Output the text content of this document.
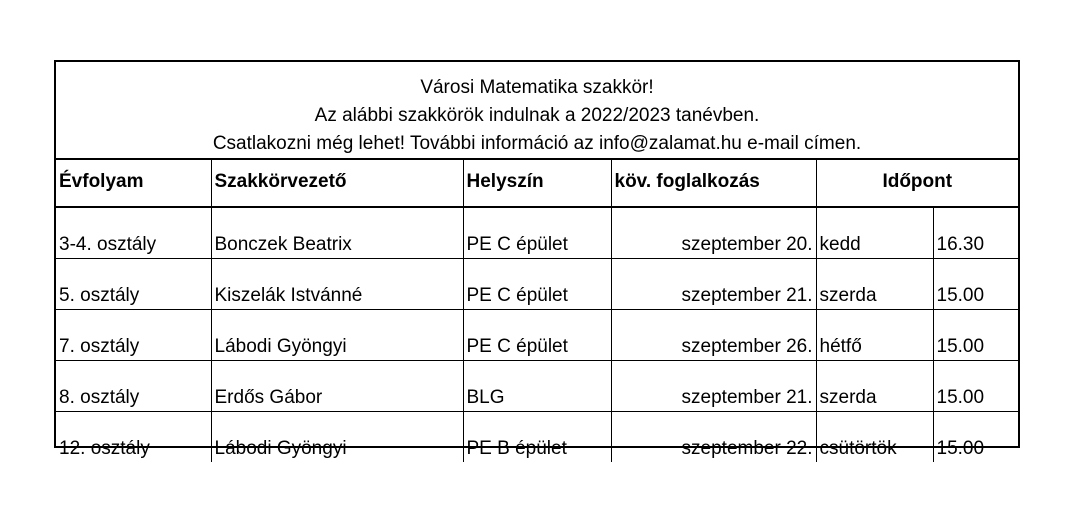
Városi Matematika szakkör!
Az alábbi szakkörök indulnak a 2022/2023 tanévben.
Csatlakozni még lehet! További információ az info@zalamat.hu e-mail címen.
Évfolyam	Szakkörvezető	Helyszín	köv. foglalkozás	Időpont	
3-4. osztály	Bonczek Beatrix	PE C épület	szeptember 20.	kedd	16.30
5. osztály	Kiszelák Istvánné	PE C épület	szeptember 21.	szerda	15.00
7. osztály	Lábodi Gyöngyi	PE C épület	szeptember 26.	hétfő	15.00
8. osztály	Erdős Gábor	BLG	szeptember 21.	szerda	15.00
12. osztály	Lábodi Gyöngyi	PE B épület	szeptember 22.	csütörtök	15.00
